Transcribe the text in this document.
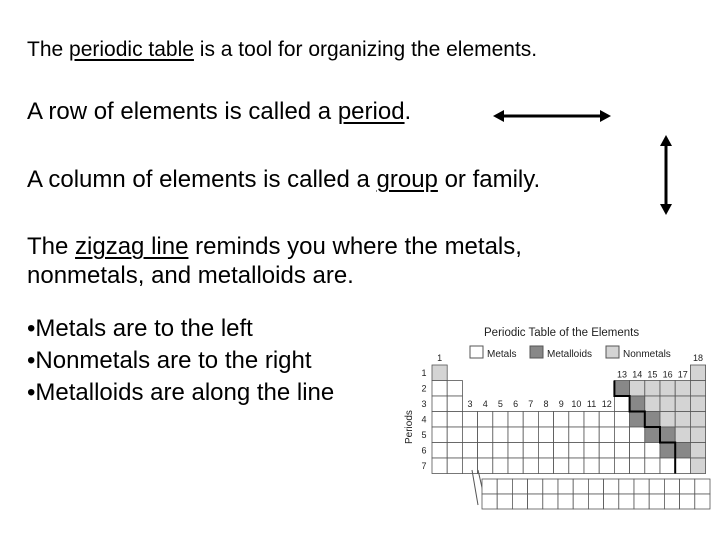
The periodic table is a tool for organizing the elements.

A row of elements is called a period.

A column of elements is called a group or family.

The zigzag line reminds you where the metals,
nonmetals, and metalloids are.

•Metals are to the left
•Nonmetals are to the right
•Metalloids are along the line
Periodic Table of the Elements
Metals	Metalloids	Nonmetals
Periods
1
2
3
4
5
6
7
1
3 4 5 6 7 8 9 10 11 12
13 14 15 16 17
18
